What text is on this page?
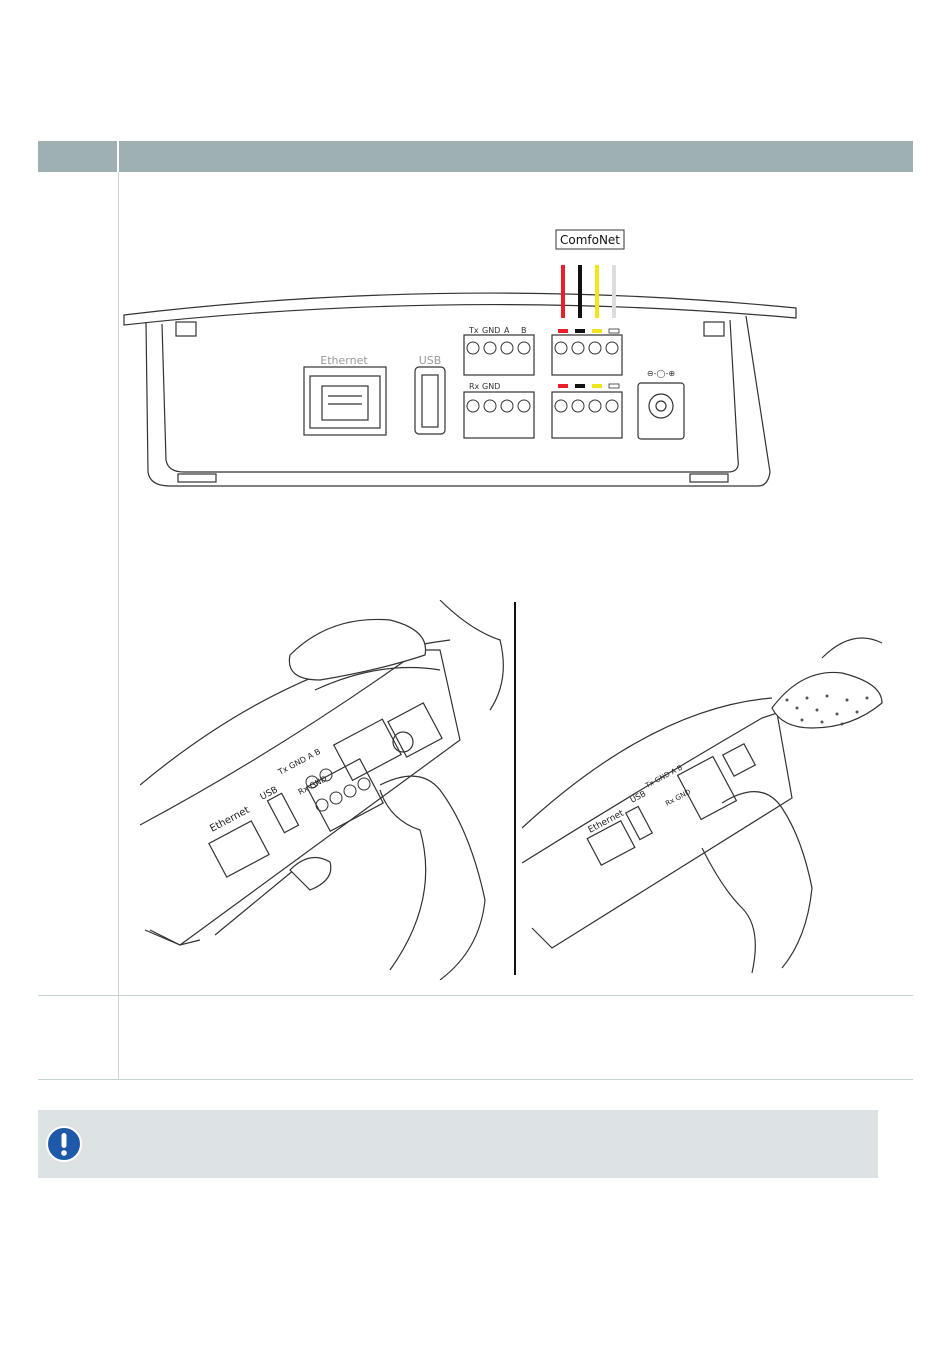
ComfoNet
Ethernet	USB
Tx GND A B
Rx GND
⊖-◯-⊕
Ethernet
USB
Tx GND A B
Rx GND
Ethernet
USB
Tx GND A B
Rx GND
